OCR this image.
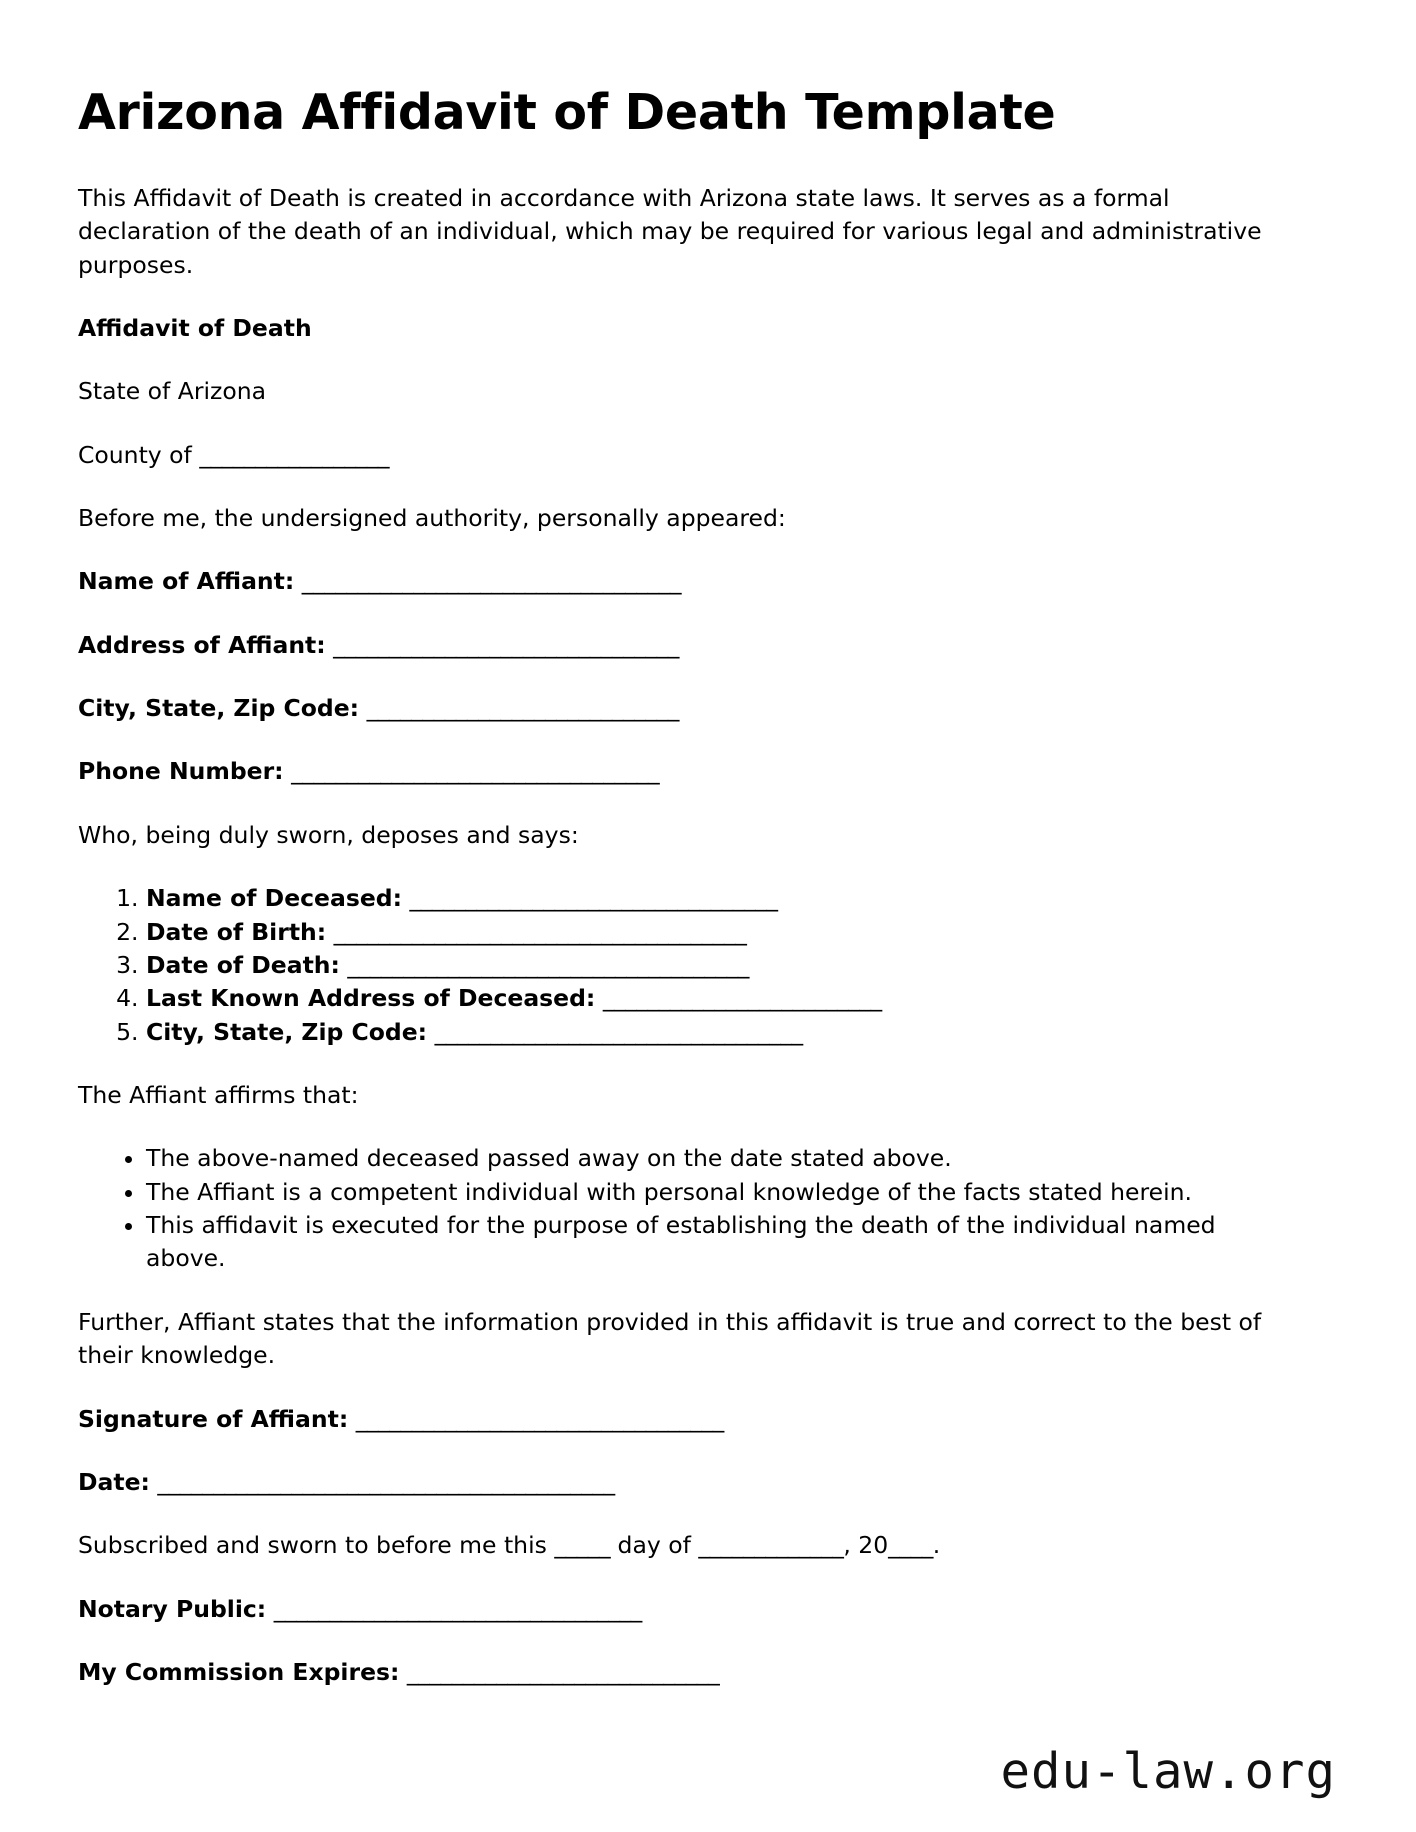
Arizona Affidavit of Death Template

This Affidavit of Death is created in accordance with Arizona state laws. It serves as a formal declaration of the death of an individual, which may be required for various legal and administrative purposes.

Affidavit of Death

State of Arizona

County of _________________

Before me, the undersigned authority, personally appeared:

Name of Affiant: __________________________________
Address of Affiant: _______________________________
City, State, Zip Code: ____________________________
Phone Number: _________________________________

Who, being duly sworn, deposes and says:

1. Name of Deceased: _________________________________
2. Date of Birth: _____________________________________
3. Date of Death: ____________________________________
4. Last Known Address of Deceased: _________________________
5. City, State, Zip Code: _________________________________

The Affiant affirms that:

• The above-named deceased passed away on the date stated above.
• The Affiant is a competent individual with personal knowledge of the facts stated herein.
• This affidavit is executed for the purpose of establishing the death of the individual named above.

Further, Affiant states that the information provided in this affidavit is true and correct to the best of their knowledge.

Signature of Affiant: _________________________________
Date: _________________________________________
Subscribed and sworn to before me this _____ day of _____________, 20____.
Notary Public: _________________________________
My Commission Expires: ____________________________
edu-law.org
